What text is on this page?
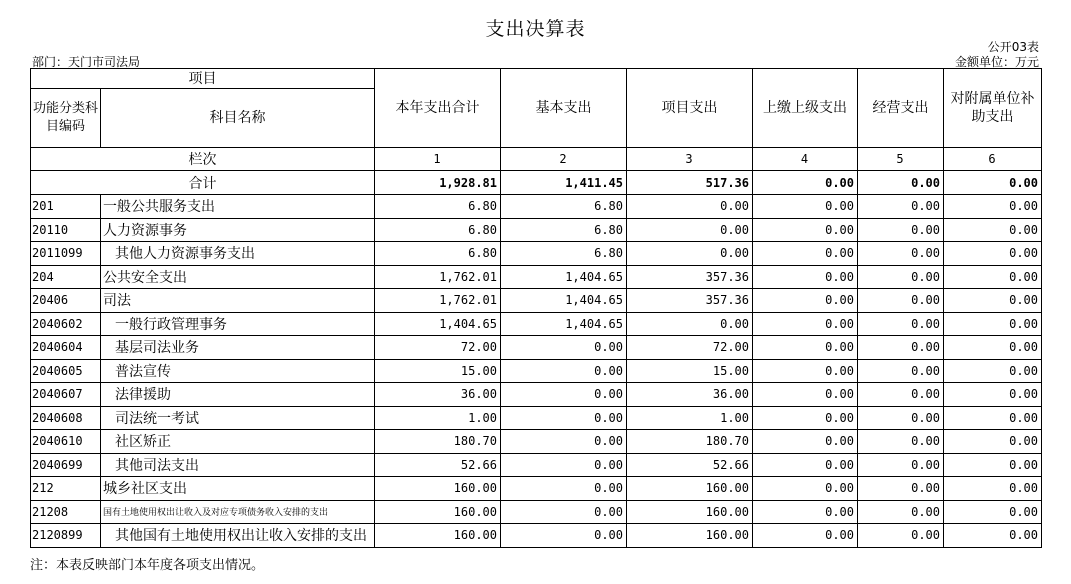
支出决算表
部门：天门市司法局
公开03表
金额单位：万元
项目		本年支出合计	基本支出	项目支出	上缴上级支出	经营支出	对附属单位补助支出
功能分类科目编码	科目名称						
栏次		1	2	3	4	5	6
合计		1,928.81	1,411.45	517.36	0.00	0.00	0.00
201	一般公共服务支出	6.80	6.80	0.00	0.00	0.00	0.00
20110	人力资源事务	6.80	6.80	0.00	0.00	0.00	0.00
2011099	其他人力资源事务支出	6.80	6.80	0.00	0.00	0.00	0.00
204	公共安全支出	1,762.01	1,404.65	357.36	0.00	0.00	0.00
20406	司法	1,762.01	1,404.65	357.36	0.00	0.00	0.00
2040602	一般行政管理事务	1,404.65	1,404.65	0.00	0.00	0.00	0.00
2040604	基层司法业务	72.00	0.00	72.00	0.00	0.00	0.00
2040605	普法宣传	15.00	0.00	15.00	0.00	0.00	0.00
2040607	法律援助	36.00	0.00	36.00	0.00	0.00	0.00
2040608	司法统一考试	1.00	0.00	1.00	0.00	0.00	0.00
2040610	社区矫正	180.70	0.00	180.70	0.00	0.00	0.00
2040699	其他司法支出	52.66	0.00	52.66	0.00	0.00	0.00
212	城乡社区支出	160.00	0.00	160.00	0.00	0.00	0.00
21208	国有土地使用权出让收入及对应专项债务收入安排的支出	160.00	0.00	160.00	0.00	0.00	0.00
2120899	其他国有土地使用权出让收入安排的支出	160.00	0.00	160.00	0.00	0.00	0.00
注：本表反映部门本年度各项支出情况。
